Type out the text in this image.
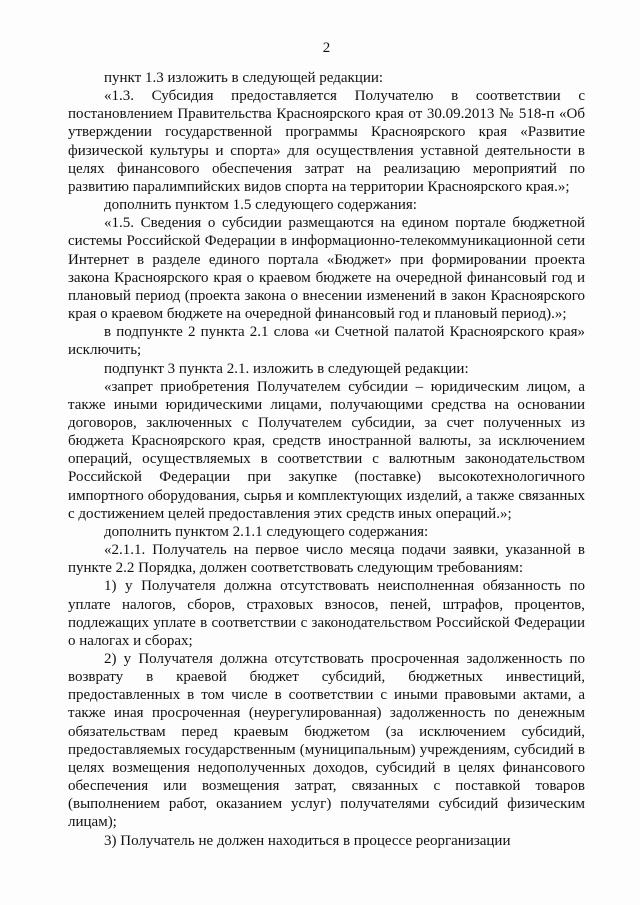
2

пункт 1.3 изложить в следующей редакции:

«1.3. Субсидия предоставляется Получателю в соответствии с постановлением Правительства Красноярского края от 30.09.2013 № 518-п «Об утверждении государственной программы Красноярского края «Развитие физической культуры и спорта» для осуществления уставной деятельности в целях финансового обеспечения затрат на реализацию мероприятий по развитию паралимпийских видов спорта на территории Красноярского края.»;

дополнить пунктом 1.5 следующего содержания:

«1.5. Сведения о субсидии размещаются на едином портале бюджетной системы Российской Федерации в информационно-телекоммуникационной сети Интернет в разделе единого портала «Бюджет» при формировании проекта закона Красноярского края о краевом бюджете на очередной финансовый год и плановый период (проекта закона о внесении изменений в закон Красноярского края о краевом бюджете на очередной финансовый год и плановый период).»;

в подпункте 2 пункта 2.1 слова «и Счетной палатой Красноярского края» исключить;

подпункт 3 пункта 2.1. изложить в следующей редакции:

«запрет приобретения Получателем субсидии – юридическим лицом, а также иными юридическими лицами, получающими средства на основании договоров, заключенных с Получателем субсидии, за счет полученных из бюджета Красноярского края, средств иностранной валюты, за исключением операций, осуществляемых в соответствии с валютным законодательством Российской Федерации при закупке (поставке) высокотехнологичного импортного оборудования, сырья и комплектующих изделий, а также связанных с достижением целей предоставления этих средств иных операций.»;

дополнить пунктом 2.1.1 следующего содержания:

«2.1.1. Получатель на первое число месяца подачи заявки, указанной в пункте 2.2 Порядка, должен соответствовать следующим требованиям:

1) у Получателя должна отсутствовать неисполненная обязанность по уплате налогов, сборов, страховых взносов, пеней, штрафов, процентов, подлежащих уплате в соответствии с законодательством Российской Федерации о налогах и сборах;

2) у Получателя должна отсутствовать просроченная задолженность по возврату в краевой бюджет субсидий, бюджетных инвестиций, предоставленных в том числе в соответствии с иными правовыми актами, а также иная просроченная (неурегулированная) задолженность по денежным обязательствам перед краевым бюджетом (за исключением субсидий, предоставляемых государственным (муниципальным) учреждениям, субсидий в целях возмещения недополученных доходов, субсидий в целях финансового обеспечения или возмещения затрат, связанных с поставкой товаров (выполнением работ, оказанием услуг) получателями субсидий физическим лицам);

3) Получатель не должен находиться в процессе реорганизации
